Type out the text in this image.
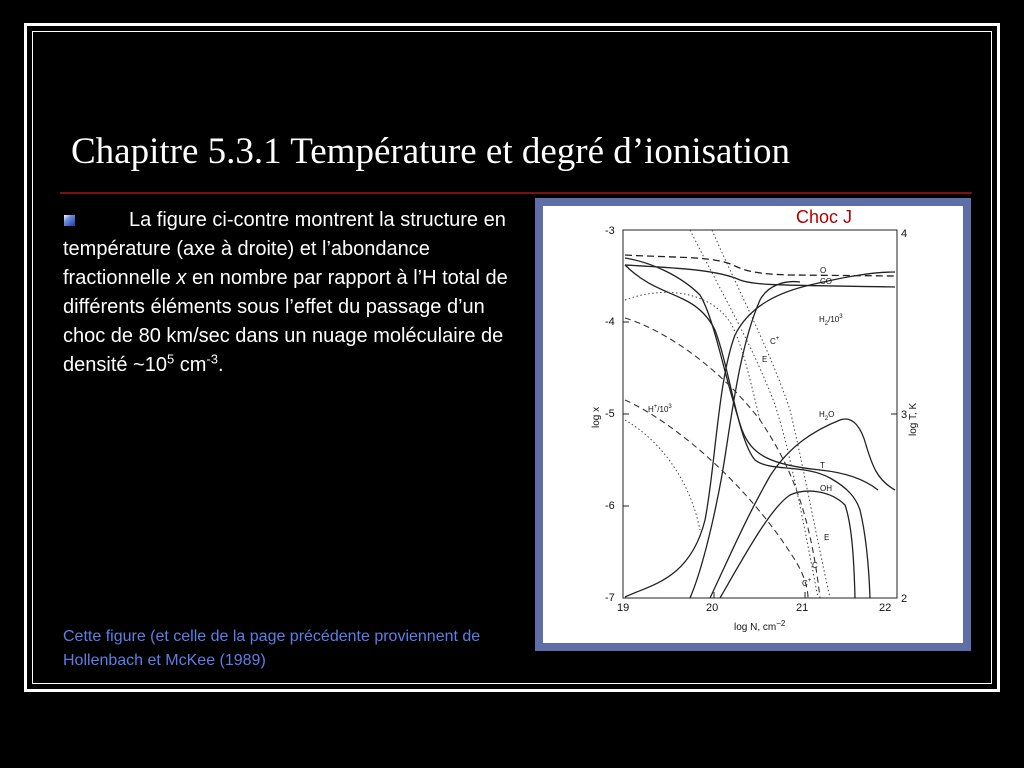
Chapitre 5.3.1 Température et degré d’ionisation
La figure ci-contre montrent la structure en température (axe à droite) et l’abondance fractionnelle x en nombre par rapport à l’H total de différents éléments sous l’effet du passage d’un choc de 80 km/sec dans un nuage moléculaire de densité $\sim 10^5$ $cm^{-3}$.
Cette figure (et celle de la page précédente proviennent de Hollenbach et McKee (1989)
-3
-4
-5
-6
-7
4
3
2
19	20	21	22
log N, $cm^{-2}$
log x	log T, K
O
CO
$H_2/10^3$
C+
E
$H^+/10^3$
$H_2O$
T
OH
E
C
C+
Choc J
